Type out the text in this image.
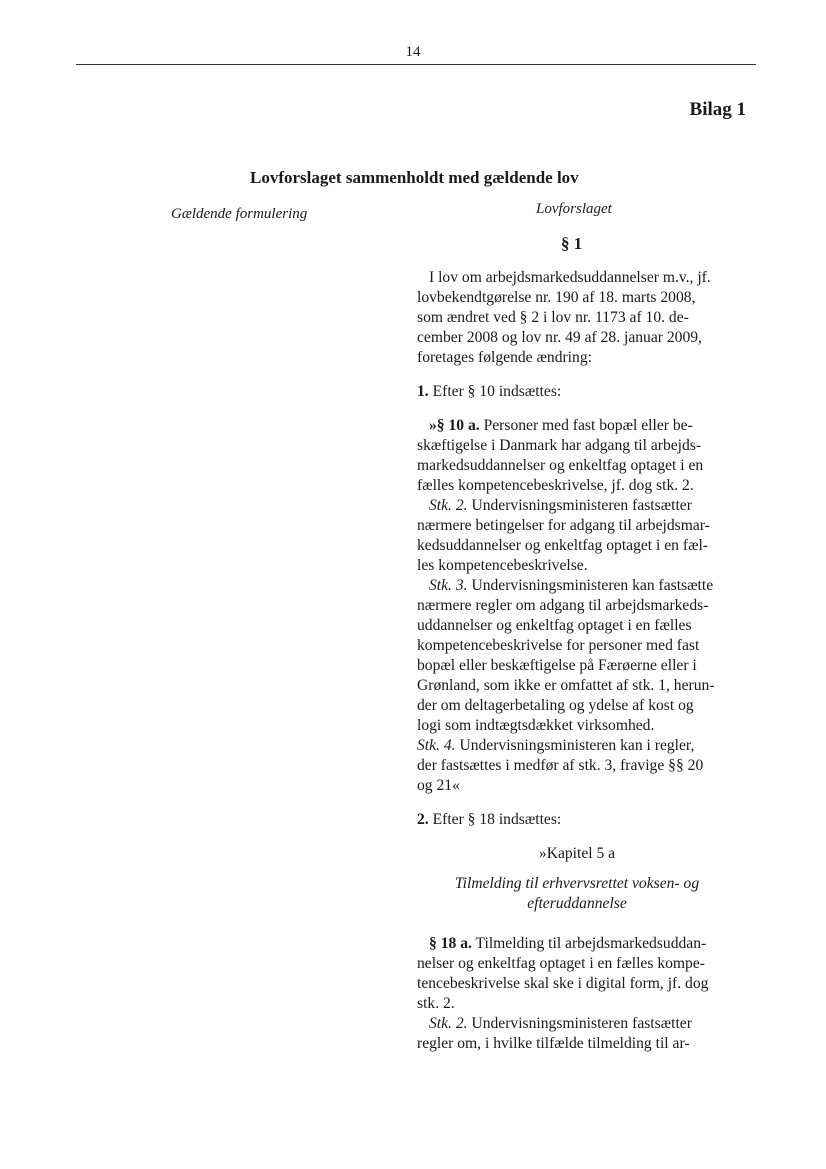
14
Bilag 1
Lovforslaget sammenholdt med gældende lov
Gældende formulering	Lovforslaget
§ 1

I lov om arbejdsmarkedsuddannelser m.v., jf.

lovbekendtgørelse nr. 190 af 18. marts 2008,

som ændret ved § 2 i lov nr. 1173 af 10. de-

cember 2008 og lov nr. 49 af 28. januar 2009,

foretages følgende ændring:

1. Efter § 10 indsættes:

»§ 10 a. Personer med fast bopæl eller be-

skæftigelse i Danmark har adgang til arbejds-

markedsuddannelser og enkeltfag optaget i en

fælles kompetencebeskrivelse, jf. dog stk. 2.

Stk. 2. Undervisningsministeren fastsætter

nærmere betingelser for adgang til arbejdsmar-

kedsuddannelser og enkeltfag optaget i en fæl-

les kompetencebeskrivelse.

Stk. 3. Undervisningsministeren kan fastsætte

nærmere regler om adgang til arbejdsmarkeds-

uddannelser og enkeltfag optaget i en fælles

kompetencebeskrivelse for personer med fast

bopæl eller beskæftigelse på Færøerne eller i

Grønland, som ikke er omfattet af stk. 1, herun-

der om deltagerbetaling og ydelse af kost og

logi som indtægtsdækket virksomhed.

Stk. 4. Undervisningsministeren kan i regler,

der fastsættes i medfør af stk. 3, fravige §§ 20

og 21«

2. Efter § 18 indsættes:

»Kapitel 5 a

Tilmelding til erhvervsrettet voksen- og

efteruddannelse

§ 18 a. Tilmelding til arbejdsmarkedsuddan-

nelser og enkeltfag optaget i en fælles kompe-

tencebeskrivelse skal ske i digital form, jf. dog

stk. 2.

Stk. 2. Undervisningsministeren fastsætter

regler om, i hvilke tilfælde tilmelding til ar-
